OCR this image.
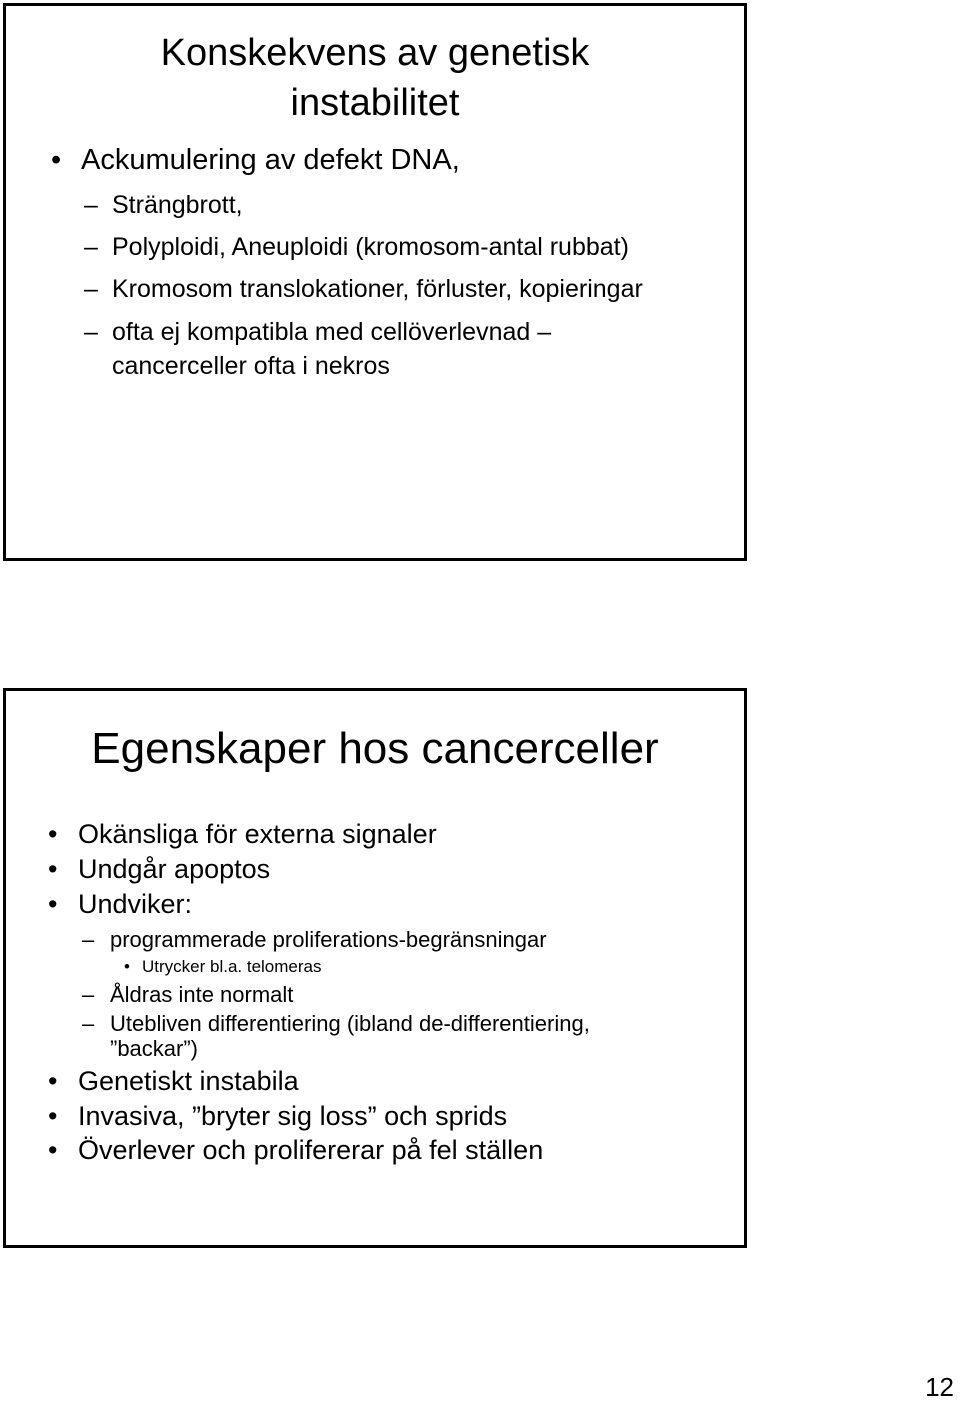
Konskekvens av genetisk
instabilitet
• Ackumulering av defekt DNA,
– Strängbrott,
– Polyploidi, Aneuploidi (kromosom-antal rubbat)
– Kromosom translokationer, förluster, kopieringar
– ofta ej kompatibla med cellöverlevnad –
cancerceller ofta i nekros
Egenskaper hos cancerceller
• Okänsliga för externa signaler
• Undgår apoptos
• Undviker:
– programmerade proliferations-begränsningar
• Utrycker bl.a. telomeras
– Åldras inte normalt
– Utebliven differentiering (ibland de-differentiering,
”backar”)
• Genetiskt instabila
• Invasiva, ”bryter sig loss” och sprids
• Överlever och prolifererar på fel ställen
12
